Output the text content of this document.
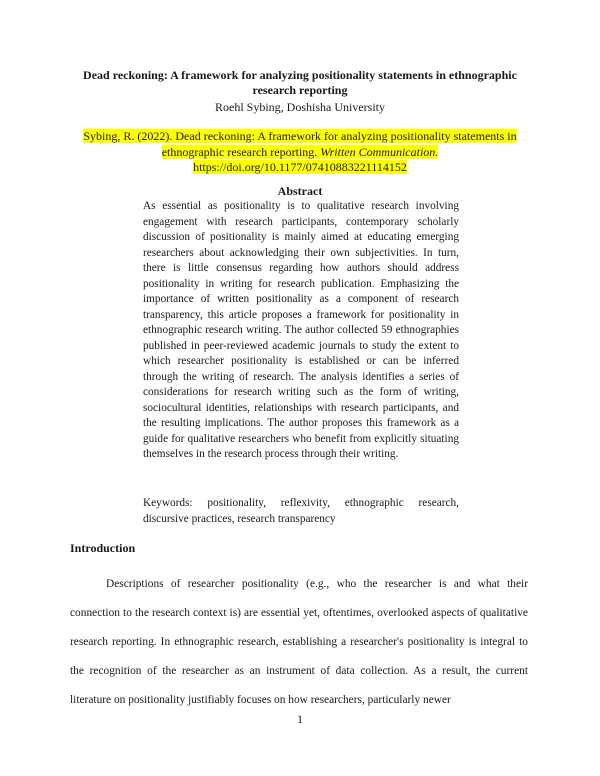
Dead reckoning: A framework for analyzing positionality statements in ethnographic research reporting
Roehl Sybing, Doshisha University
Sybing, R. (2022). Dead reckoning: A framework for analyzing positionality statements in ethnographic research reporting. Written Communication.
https://doi.org/10.1177/07410883221114152
Abstract
As essential as positionality is to qualitative research involving engagement with research participants, contemporary scholarly discussion of positionality is mainly aimed at educating emerging researchers about acknowledging their own subjectivities. In turn, there is little consensus regarding how authors should address positionality in writing for research publication. Emphasizing the importance of written positionality as a component of research transparency, this article proposes a framework for positionality in ethnographic research writing. The author collected 59 ethnographies published in peer-reviewed academic journals to study the extent to which researcher positionality is established or can be inferred through the writing of research. The analysis identifies a series of considerations for research writing such as the form of writing, sociocultural identities, relationships with research participants, and the resulting implications. The author proposes this framework as a guide for qualitative researchers who benefit from explicitly situating themselves in the research process through their writing.
Keywords: positionality, reflexivity, ethnographic research, discursive practices, research transparency
Introduction
Descriptions of researcher positionality (e.g., who the researcher is and what their connection to the research context is) are essential yet, oftentimes, overlooked aspects of qualitative research reporting. In ethnographic research, establishing a researcher's positionality is integral to the recognition of the researcher as an instrument of data collection. As a result, the current literature on positionality justifiably focuses on how researchers, particularly newer
1
